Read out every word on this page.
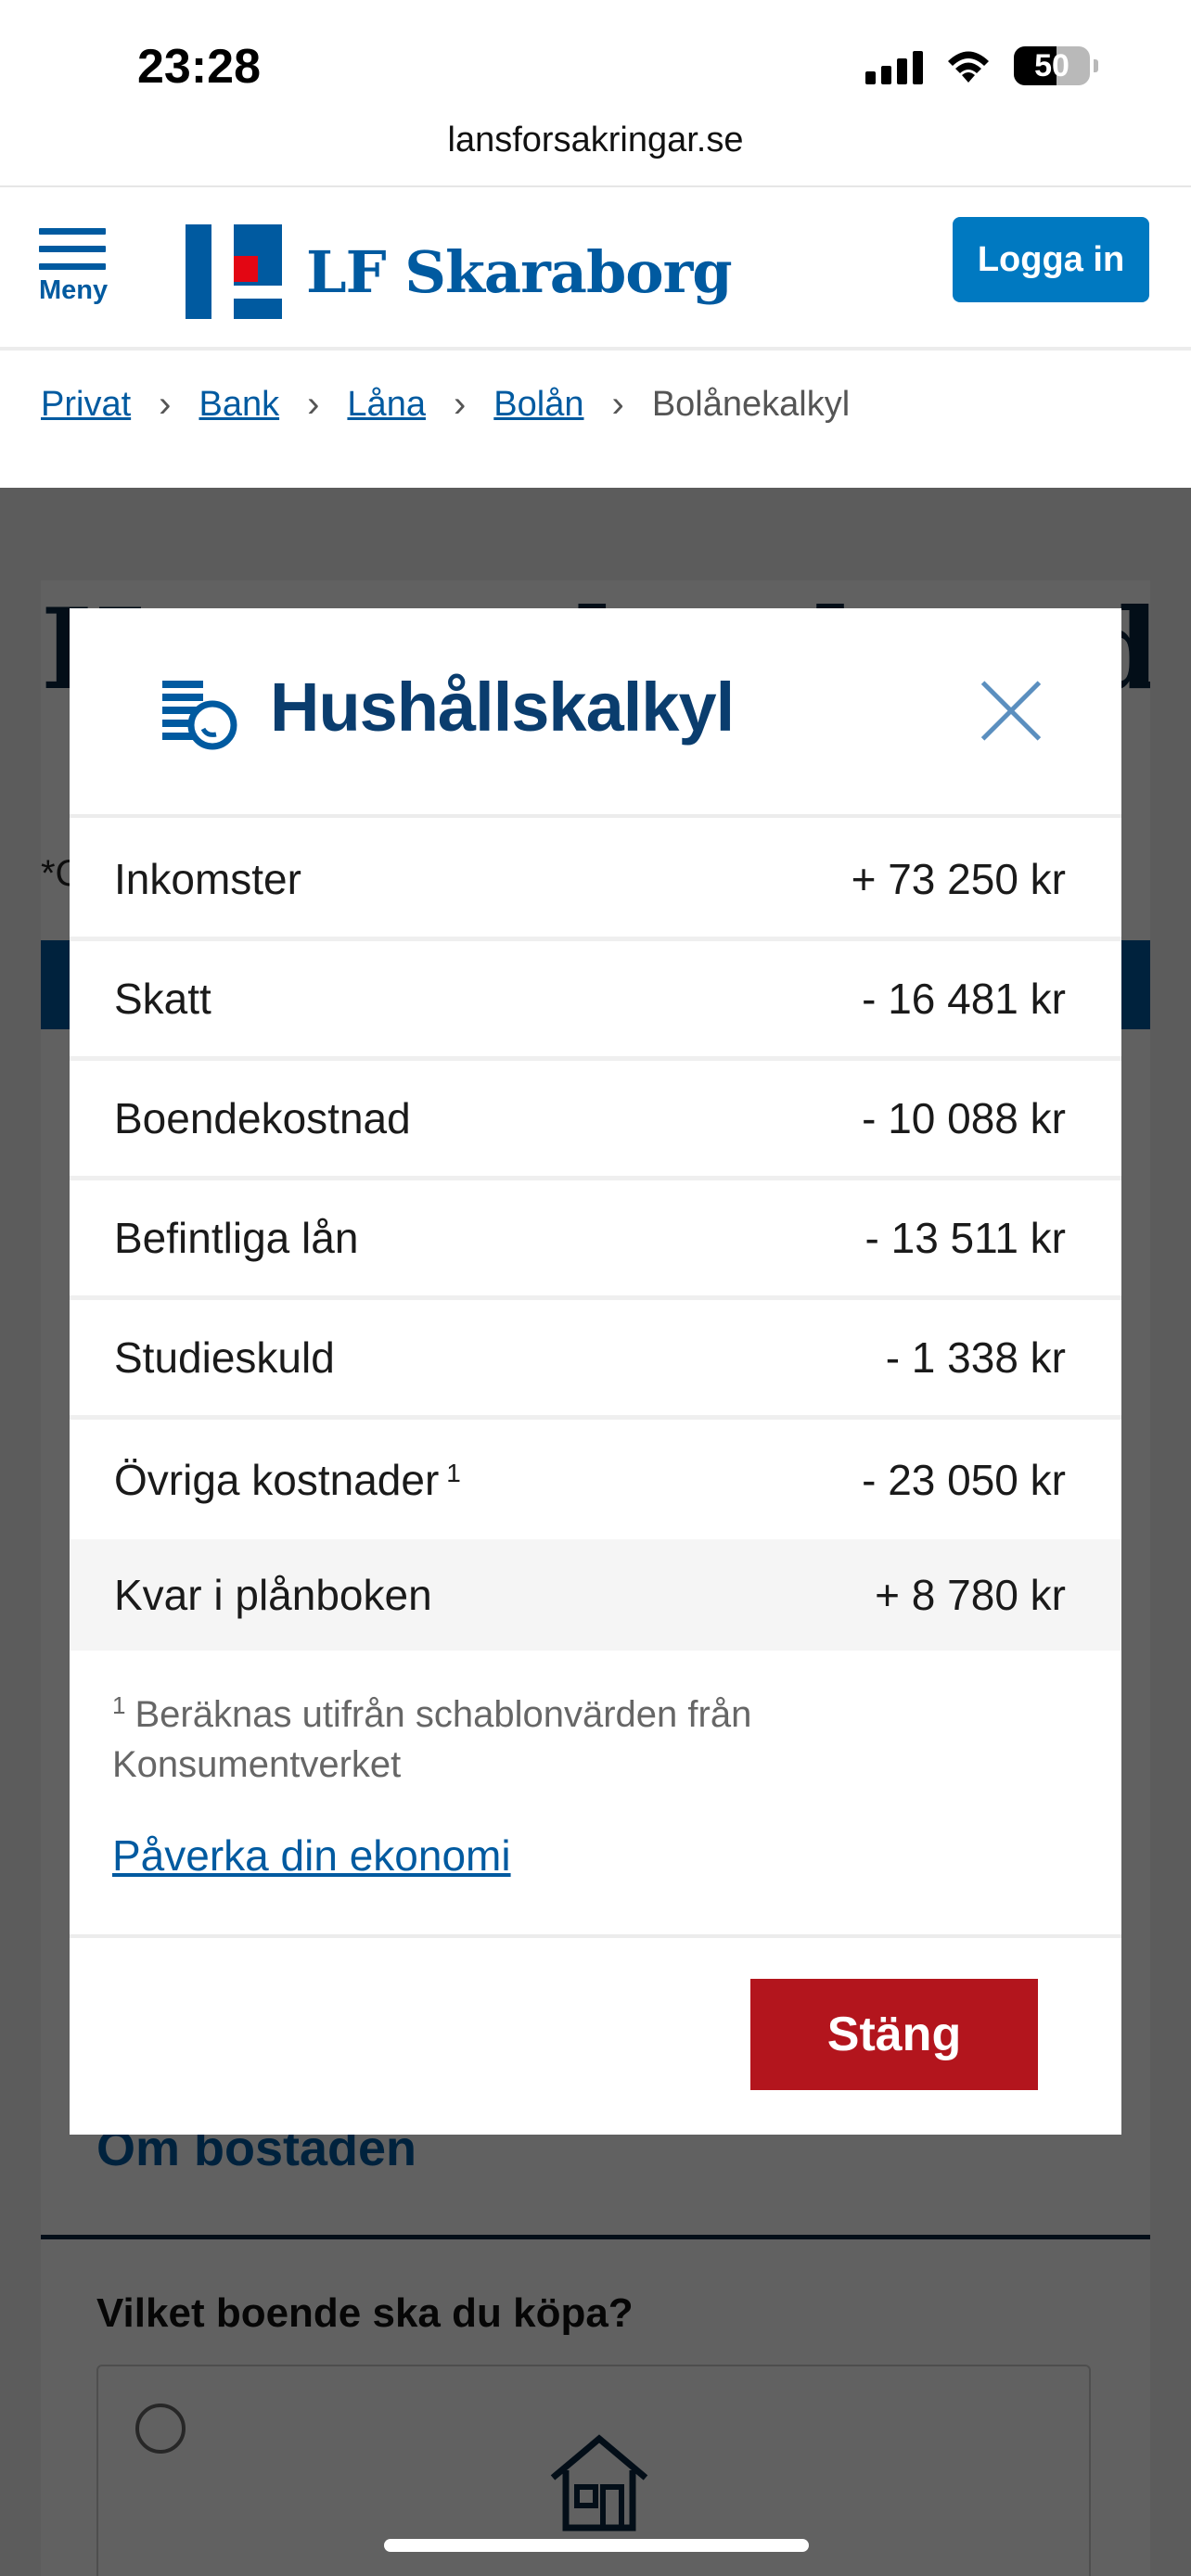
23:28	50
lansforsakringar.se
Meny	LF Skaraborg	Logga in
Privat › Bank › Låna › Bolån › Bolånekalkyl
Hushållskalkyl
Inkomster	+ 73 250 kr
Skatt	- 16 481 kr
Boendekostnad	- 10 088 kr
Befintliga lån	- 13 511 kr
Studieskuld	- 1 338 kr
Övriga kostnader $^1$	- 23 050 kr
Kvar i plånboken	+ 8 780 kr
$^1$ Beräknas utifrån schablonvärden från Konsumentverket
Påverka din ekonomi
Stäng
